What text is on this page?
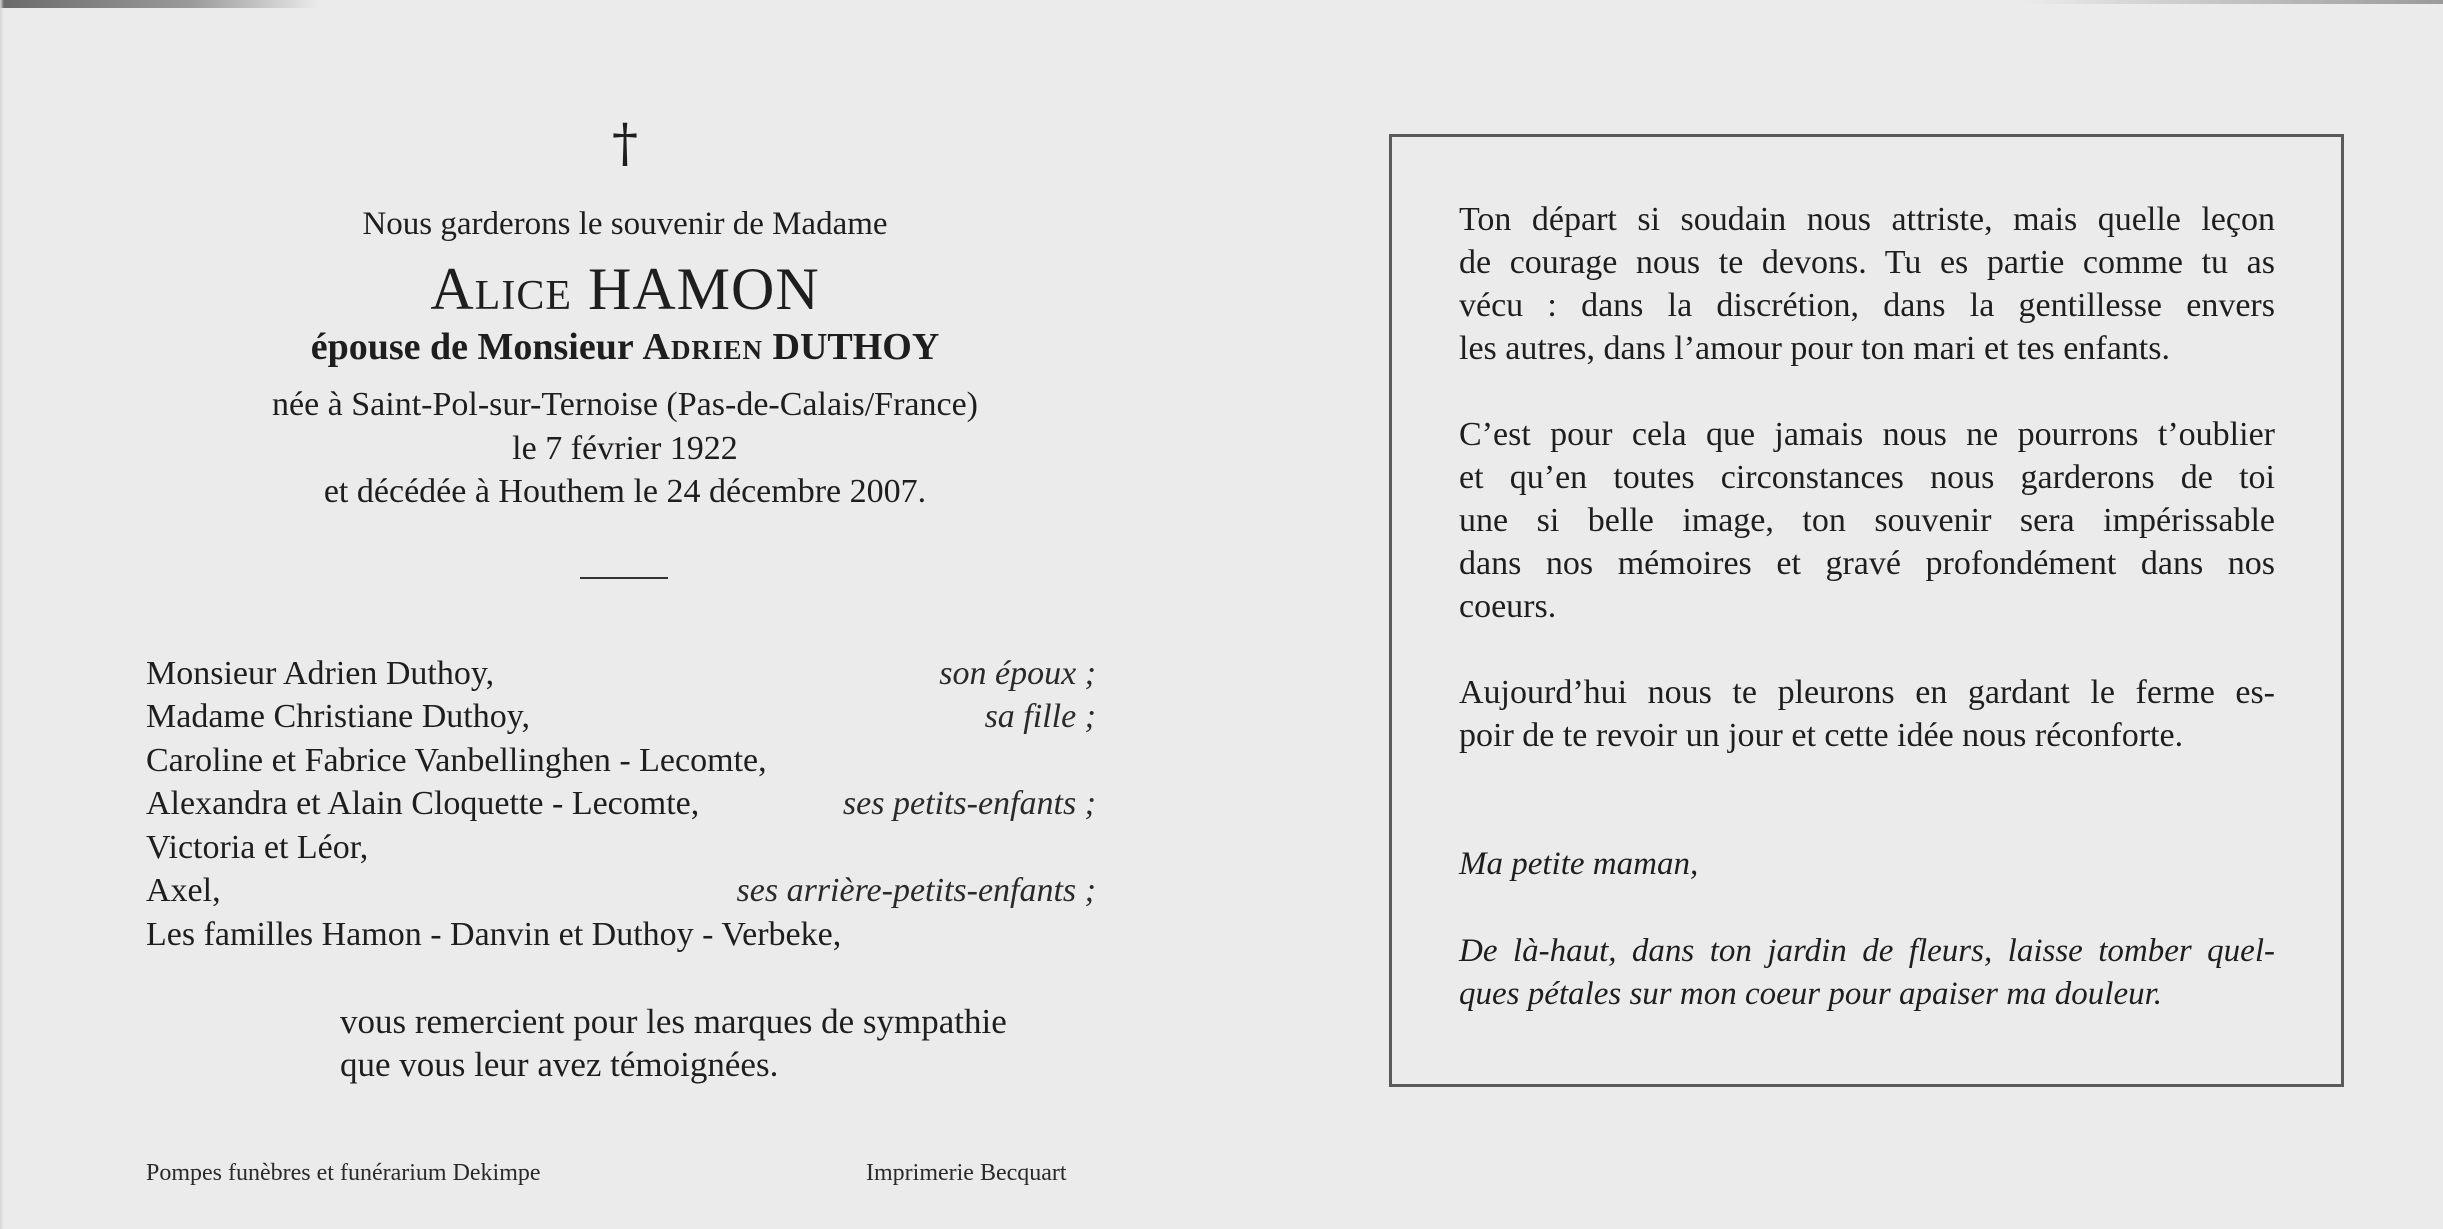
†
Nous garderons le souvenir de Madame
Alice HAMON
épouse de Monsieur Adrien DUTHOY
née à Saint-Pol-sur-Ternoise (Pas-de-Calais/France)
le 7 février 1922
et décédée à Houthem le 24 décembre 2007.
Monsieur Adrien Duthoy,	son époux ;
Madame Christiane Duthoy,	sa fille ;
Caroline et Fabrice Vanbellinghen - Lecomte,
Alexandra et Alain Cloquette - Lecomte,	ses petits-enfants ;
Victoria et Léor,
Axel,	ses arrière-petits-enfants ;
Les familles Hamon - Danvin et Duthoy - Verbeke,
vous remercient pour les marques de sympathie
que vous leur avez témoignées.
Pompes funèbres et funérarium Dekimpe	Imprimerie Becquart
Ton départ si soudain nous attriste, mais quelle leçon
de courage nous te devons. Tu es partie comme tu as
vécu : dans la discrétion, dans la gentillesse envers
les autres, dans l’amour pour ton mari et tes enfants.
C’est pour cela que jamais nous ne pourrons t’oublier
et qu’en toutes circonstances nous garderons de toi
une si belle image, ton souvenir sera impérissable
dans nos mémoires et gravé profondément dans nos
coeurs.
Aujourd’hui nous te pleurons en gardant le ferme es-
poir de te revoir un jour et cette idée nous réconforte.
Ma petite maman,
De là-haut, dans ton jardin de fleurs, laisse tomber quel-
ques pétales sur mon coeur pour apaiser ma douleur.
